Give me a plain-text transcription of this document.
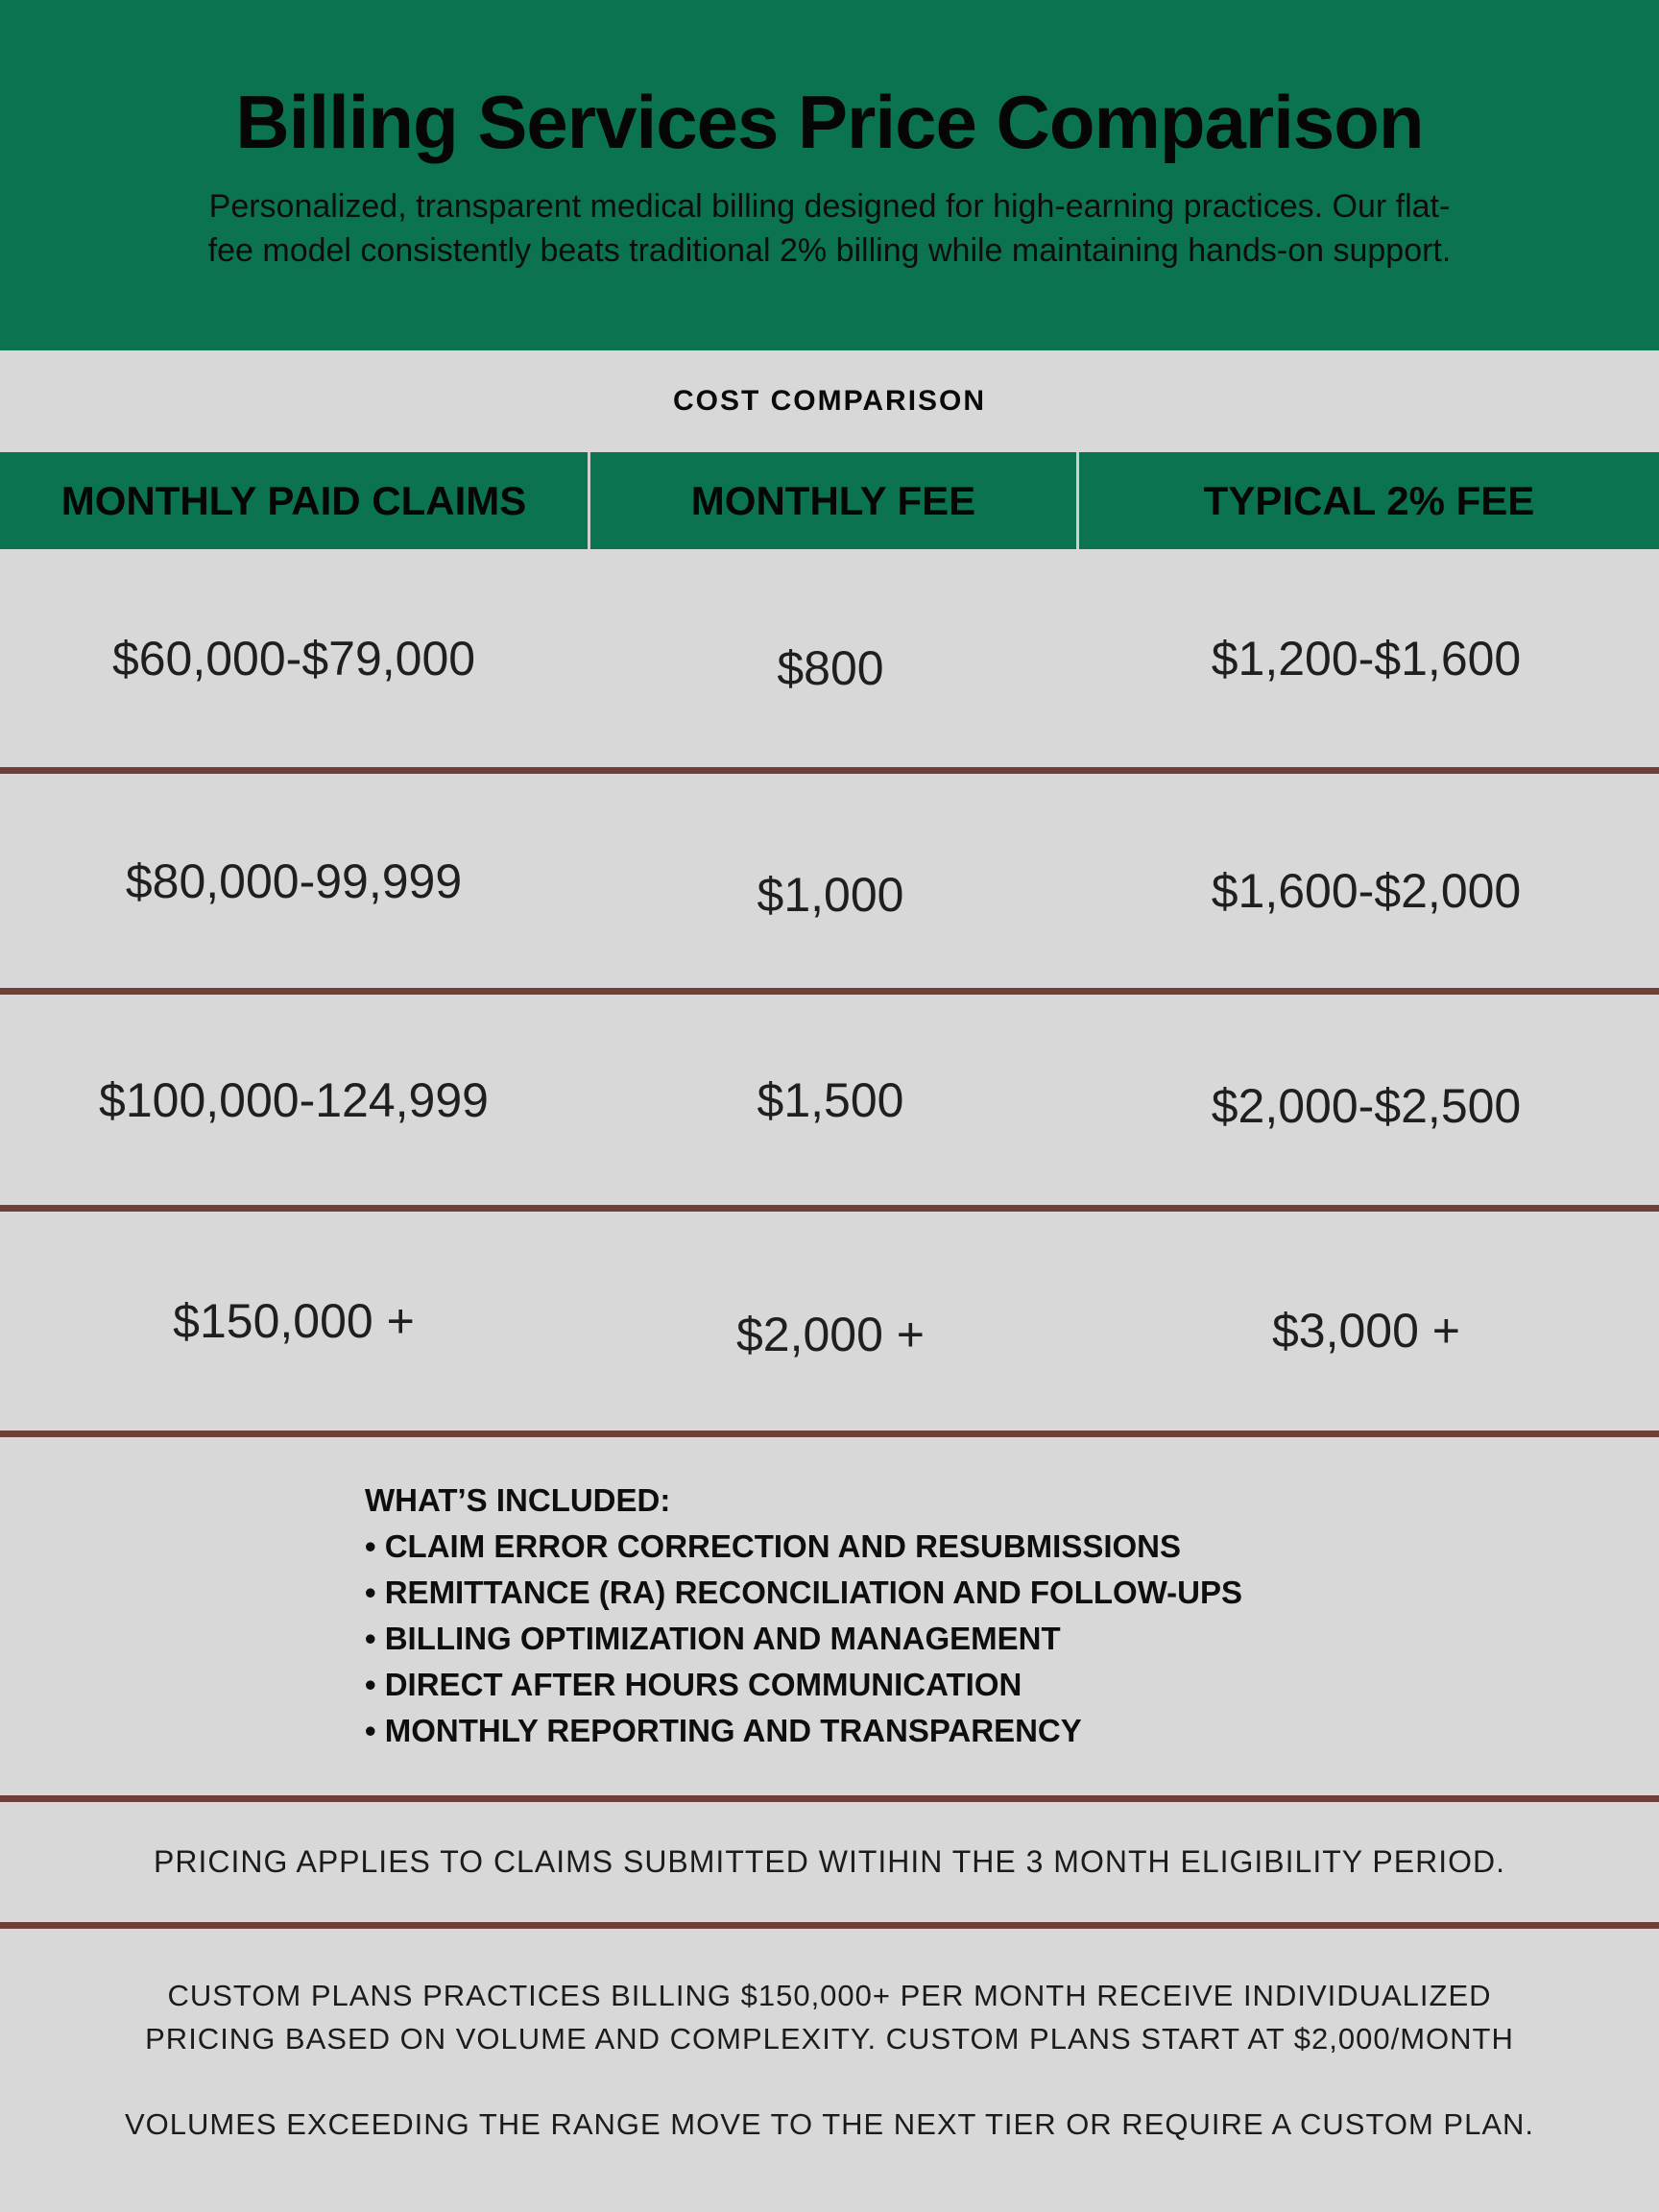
Billing Services Price Comparison
Personalized, transparent medical billing designed for high-earning practices. Our flat-
fee model consistently beats traditional 2% billing while maintaining hands-on support.
COST COMPARISON
MONTHLY PAID CLAIMS	MONTHLY FEE	TYPICAL 2% FEE
$60,000-$79,000	$800	$1,200-$1,600
$80,000-99,999	$1,000	$1,600-$2,000
$100,000-124,999	$1,500	$2,000-$2,500
$150,000 +	$2,000 +	$3,000 +
WHAT’S INCLUDED:
• CLAIM ERROR CORRECTION AND RESUBMISSIONS
• REMITTANCE (RA) RECONCILIATION AND FOLLOW-UPS
• BILLING OPTIMIZATION AND MANAGEMENT
• DIRECT AFTER HOURS COMMUNICATION
• MONTHLY REPORTING AND TRANSPARENCY
PRICING APPLIES TO CLAIMS SUBMITTED WITIHIN THE 3 MONTH ELIGIBILITY PERIOD.
CUSTOM PLANS PRACTICES BILLING $150,000+ PER MONTH RECEIVE INDIVIDUALIZED
PRICING BASED ON VOLUME AND COMPLEXITY. CUSTOM PLANS START AT $2,000/MONTH
VOLUMES EXCEEDING THE RANGE MOVE TO THE NEXT TIER OR REQUIRE A CUSTOM PLAN.
